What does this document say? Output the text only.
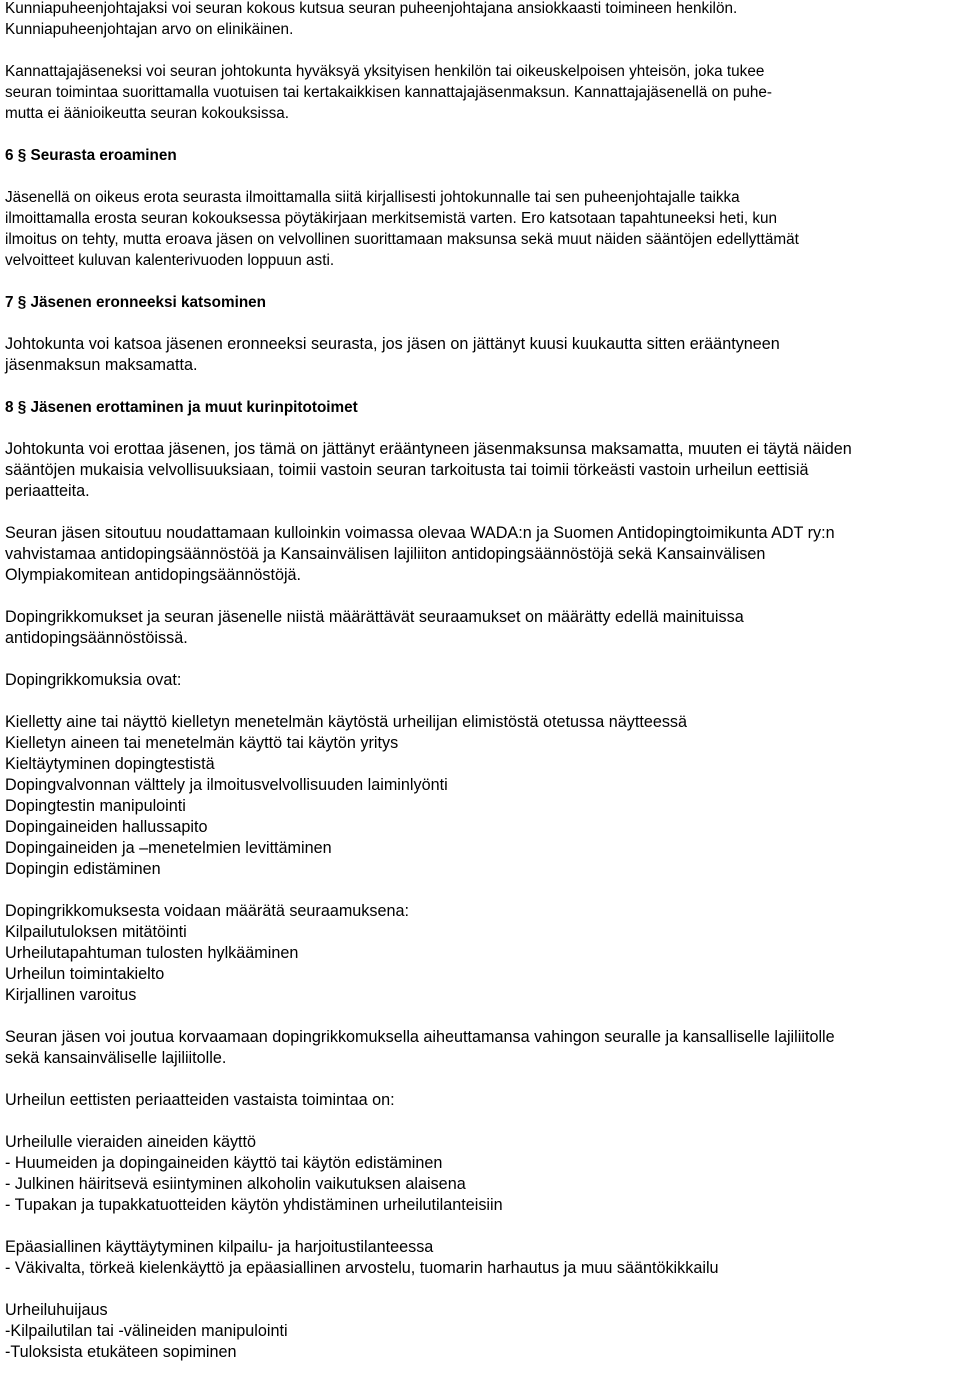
Kunniapuheenjohtajaksi voi seuran kokous kutsua seuran puheenjohtajana ansiokkaasti toimineen henkilön.
Kunniapuheenjohtajan arvo on elinikäinen.
Kannattajajäseneksi voi seuran johtokunta hyväksyä yksityisen henkilön tai oikeuskelpoisen yhteisön, joka tukee
seuran toimintaa suorittamalla vuotuisen tai kertakaikkisen kannattajajäsenmaksun. Kannattajajäsenellä on puhe-
mutta ei äänioikeutta seuran kokouksissa.
6 § Seurasta eroaminen
Jäsenellä on oikeus erota seurasta ilmoittamalla siitä kirjallisesti johtokunnalle tai sen puheenjohtajalle taikka
ilmoittamalla erosta seuran kokouksessa pöytäkirjaan merkitsemistä varten. Ero katsotaan tapahtuneeksi heti, kun
ilmoitus on tehty, mutta eroava jäsen on velvollinen suorittamaan maksunsa sekä muut näiden sääntöjen edellyttämät
velvoitteet kuluvan kalenterivuoden loppuun asti.
7 § Jäsenen eronneeksi katsominen
Johtokunta voi katsoa jäsenen eronneeksi seurasta, jos jäsen on jättänyt kuusi kuukautta sitten erääntyneen
jäsenmaksun maksamatta.
8 § Jäsenen erottaminen ja muut kurinpitotoimet
Johtokunta voi erottaa jäsenen, jos tämä on jättänyt erääntyneen jäsenmaksunsa maksamatta, muuten ei täytä näiden
sääntöjen mukaisia velvollisuuksiaan, toimii vastoin seuran tarkoitusta tai toimii törkeästi vastoin urheilun eettisiä
periaatteita.
Seuran jäsen sitoutuu noudattamaan kulloinkin voimassa olevaa WADA:n ja Suomen Antidopingtoimikunta ADT ry:n
vahvistamaa antidopingsäännöstöä ja Kansainvälisen lajiliiton antidopingsäännöstöjä sekä Kansainvälisen
Olympiakomitean antidopingsäännöstöjä.
Dopingrikkomukset ja seuran jäsenelle niistä määrättävät seuraamukset on määrätty edellä mainituissa
antidopingsäännöstöissä.
Dopingrikkomuksia ovat:
Kielletty aine tai näyttö kielletyn menetelmän käytöstä urheilijan elimistöstä otetussa näytteessä
Kielletyn aineen tai menetelmän käyttö tai käytön yritys
Kieltäytyminen dopingtestistä
Dopingvalvonnan välttely ja ilmoitusvelvollisuuden laiminlyönti
Dopingtestin manipulointi
Dopingaineiden hallussapito
Dopingaineiden ja –menetelmien levittäminen
Dopingin edistäminen
Dopingrikkomuksesta voidaan määrätä seuraamuksena:
Kilpailutuloksen mitätöinti
Urheilutapahtuman tulosten hylkääminen
Urheilun toimintakielto
Kirjallinen varoitus
Seuran jäsen voi joutua korvaamaan dopingrikkomuksella aiheuttamansa vahingon seuralle ja kansalliselle lajiliitolle
sekä kansainväliselle lajiliitolle.
Urheilun eettisten periaatteiden vastaista toimintaa on:
Urheilulle vieraiden aineiden käyttö
- Huumeiden ja dopingaineiden käyttö tai käytön edistäminen
- Julkinen häiritsevä esiintyminen alkoholin vaikutuksen alaisena
- Tupakan ja tupakkatuotteiden käytön yhdistäminen urheilutilanteisiin
Epäasiallinen käyttäytyminen kilpailu- ja harjoitustilanteessa
- Väkivalta, törkeä kielenkäyttö ja epäasiallinen arvostelu, tuomarin harhautus ja muu sääntökikkailu
Urheiluhuijaus
-Kilpailutilan tai -välineiden manipulointi
-Tuloksista etukäteen sopiminen
